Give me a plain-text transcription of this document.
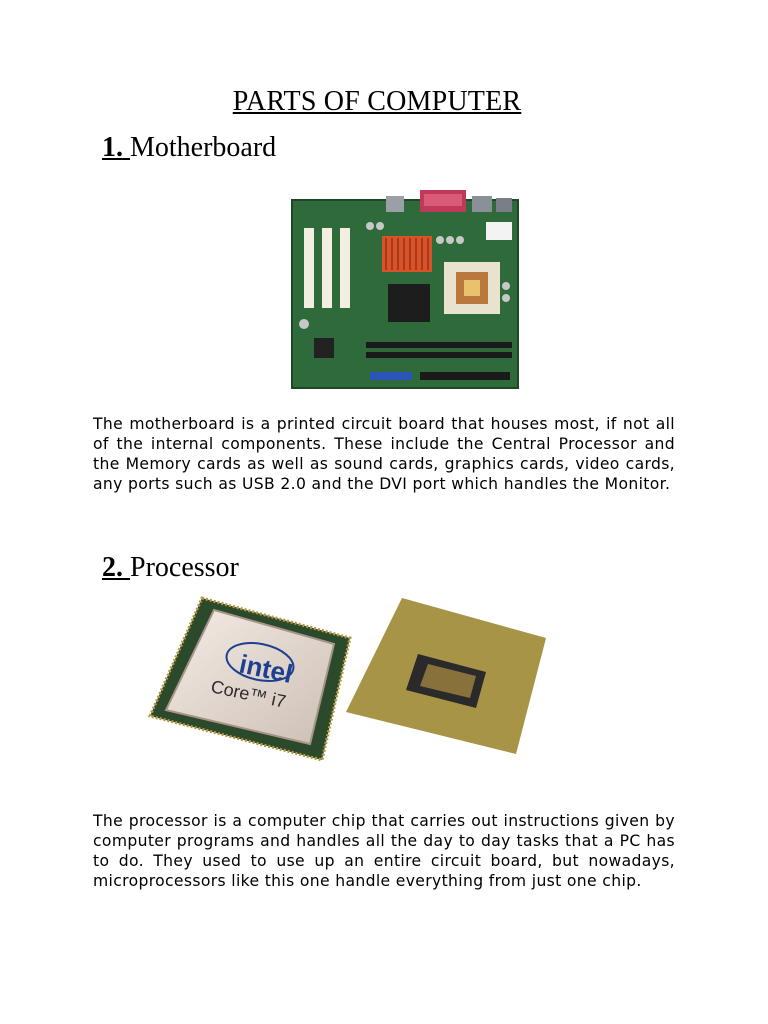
PARTS OF COMPUTER
1. Motherboard

The motherboard is a printed circuit board that houses most, if not all of the internal components. These include the Central Processor and the Memory cards as well as sound cards, graphics cards, video cards, any ports such as USB 2.0 and the DVI port which handles the Monitor.

2. Processor
intel
Core™ i7

The processor is a computer chip that carries out instructions given by computer programs and handles all the day to day tasks that a PC has to do. They used to use up an entire circuit board, but nowadays, microprocessors like this one handle everything from just one chip.
